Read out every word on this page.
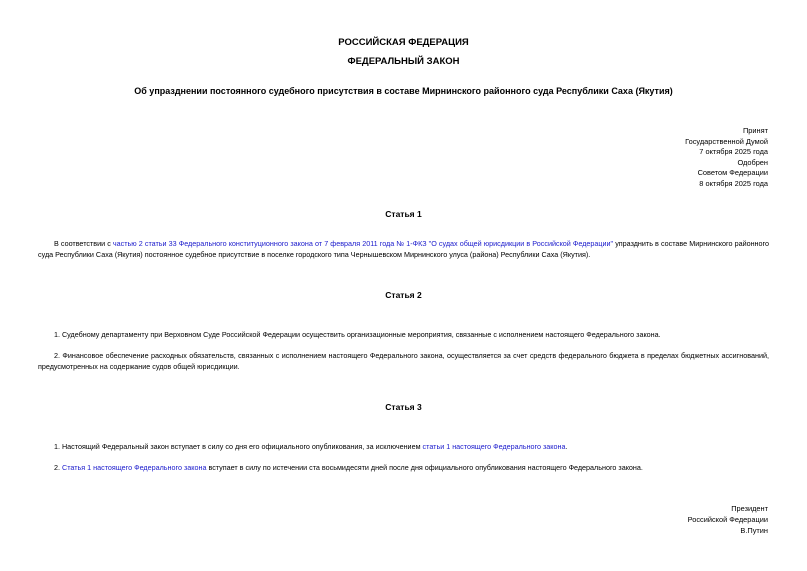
РОССИЙСКАЯ ФЕДЕРАЦИЯ
ФЕДЕРАЛЬНЫЙ ЗАКОН
Об упразднении постоянного судебного присутствия в составе Мирнинского районного суда Республики Саха (Якутия)
Принят
Государственной Думой
7 октября 2025 года
Одобрен
Советом Федерации
8 октября 2025 года
Статья 1
В соответствии с частью 2 статьи 33 Федерального конституционного закона от 7 февраля 2011 года № 1-ФКЗ "О судах общей юрисдикции в Российской Федерации" упразднить в составе Мирнинского районного суда Республики Саха (Якутия) постоянное судебное присутствие в поселке городского типа Чернышевском Мирнинского улуса (района) Республики Саха (Якутия).
Статья 2
1. Судебному департаменту при Верховном Суде Российской Федерации осуществить организационные мероприятия, связанные с исполнением настоящего Федерального закона.
2. Финансовое обеспечение расходных обязательств, связанных с исполнением настоящего Федерального закона, осуществляется за счет средств федерального бюджета в пределах бюджетных ассигнований, предусмотренных на содержание судов общей юрисдикции.
Статья 3
1. Настоящий Федеральный закон вступает в силу со дня его официального опубликования, за исключением статьи 1 настоящего Федерального закона.
2. Статья 1 настоящего Федерального закона вступает в силу по истечении ста восьмидесяти дней после дня официального опубликования настоящего Федерального закона.
Президент
Российской Федерации
В.Путин
